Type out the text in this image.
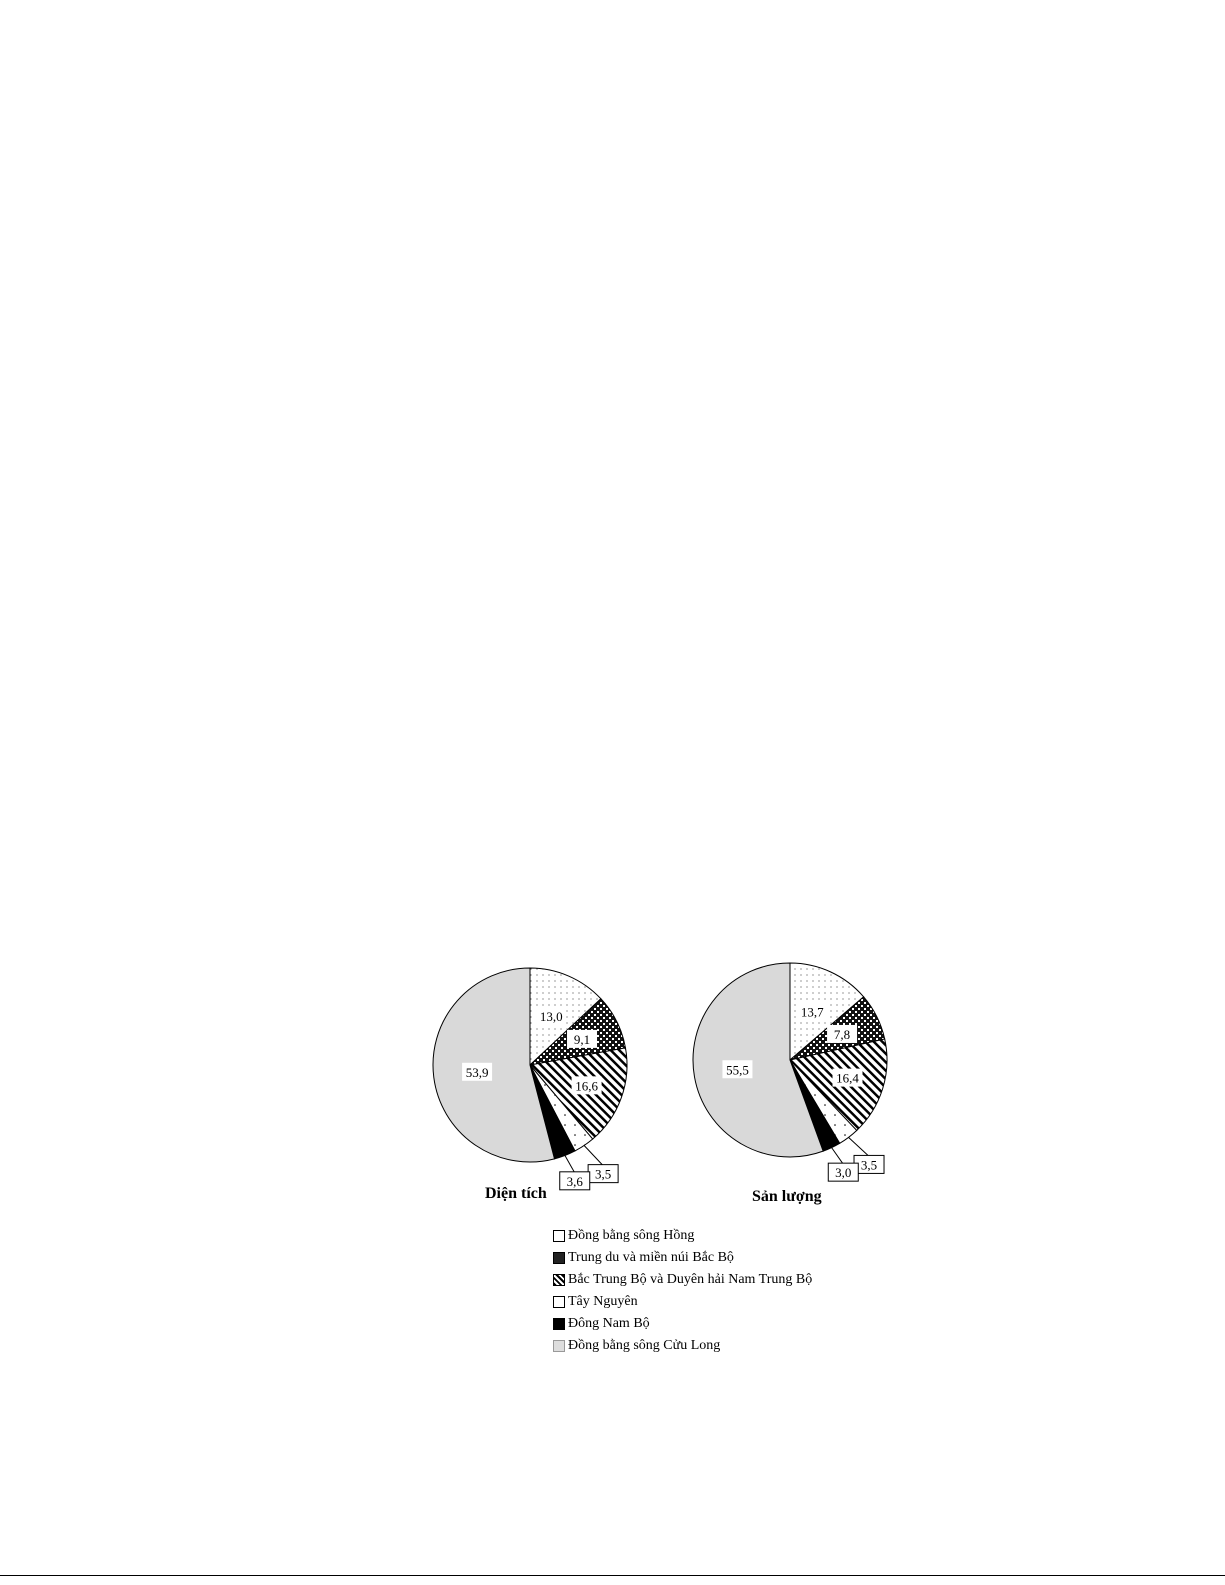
13,0
9,1
16,6
3,5
3,6
53,9
13,7
7,8
16,4
3,5
3,0
55,5
Diện tích	Sản lượng
Đồng bằng sông Hồng
Trung du và miền núi Bắc Bộ
Bắc Trung Bộ và Duyên hải Nam Trung Bộ
Tây Nguyên
Đông Nam Bộ
Đồng bằng sông Cửu Long
